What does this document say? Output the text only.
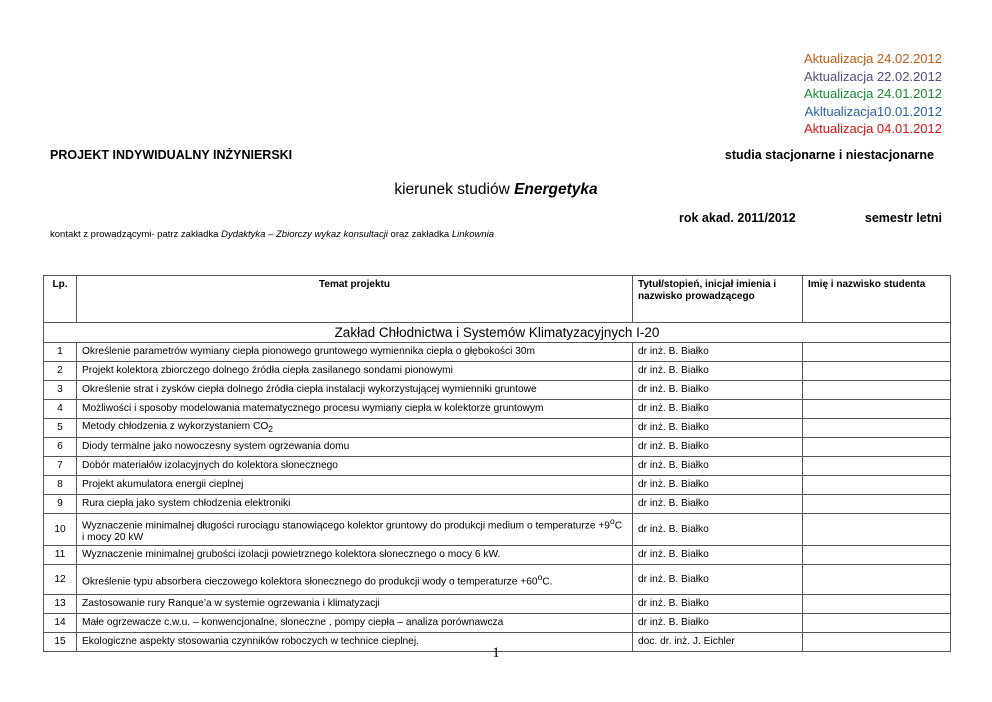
Aktualizacja 24.02.2012
Aktualizacja 22.02.2012
Aktualizacja 24.01.2012
Akltualizacja10.01.2012
Aktualizacja 04.01.2012
PROJEKT INDYWIDUALNY INŻYNIERSKI	studia stacjonarne i niestacjonarne
kierunek studiów Energetyka
rok akad. 2011/2012	semestr letni
kontakt z prowadzącymi- patrz zakładka Dydaktyka – Zbiorczy wykaz konsultacji oraz zakładka Linkownia
Lp.	Temat projektu	Tytuł/stopień, inicjał imienia i nazwisko prowadzącego	Imię i nazwisko studenta
Zakład Chłodnictwa i Systemów Klimatyzacyjnych I-20			
1	Określenie parametrów wymiany ciepła pionowego gruntowego wymiennika ciepła o głębokości 30m	dr inż. B. Białko	
2	Projekt kolektora zbiorczego dolnego źródła ciepła zasilanego sondami pionowymi	dr inż. B. Białko	
3	Określenie strat i zysków ciepła dolnego źródła ciepła instalacji wykorzystującej wymienniki gruntowe	dr inż. B. Białko	
4	Możliwości i sposoby modelowania matematycznego procesu wymiany ciepła w kolektorze gruntowym	dr inż. B. Białko	
5	Metody chłodzenia z wykorzystaniem $CO_2$	dr inż. B. Białko	
6	Diody termalne jako nowoczesny system ogrzewania domu	dr inż. B. Białko	
7	Dobór materiałów izolacyjnych do kolektora słonecznego	dr inż. B. Białko	
8	Projekt akumulatora energii cieplnej	dr inż. B. Białko	
9	Rura ciepła jako system chłodzenia elektroniki	dr inż. B. Białko	
10	Wyznaczenie minimalnej długości rurociągu stanowiącego kolektor gruntowy do produkcji medium o temperaturze $+9^oC$ i mocy 20 kW	dr inż. B. Białko	
11	Wyznaczenie minimalnej grubości izolacji powietrznego kolektora słonecznego o mocy 6 kW.	dr inż. B. Białko	
12	Określenie typu absorbera cieczowego kolektora słonecznego do produkcji wody o temperaturze $+60^oC$.	dr inż. B. Białko	
13	Zastosowanie rury Ranque’a w systemie ogrzewania i klimatyzacji	dr inż. B. Białko	
14	Małe ogrzewacze c.w.u. – konwencjonalne, słoneczne , pompy ciepła – analiza porównawcza	dr inż. B. Białko	
15	Ekologiczne aspekty stosowania czynników roboczych w technice cieplnej.	doc. dr. inż. J. Eichler	
1
